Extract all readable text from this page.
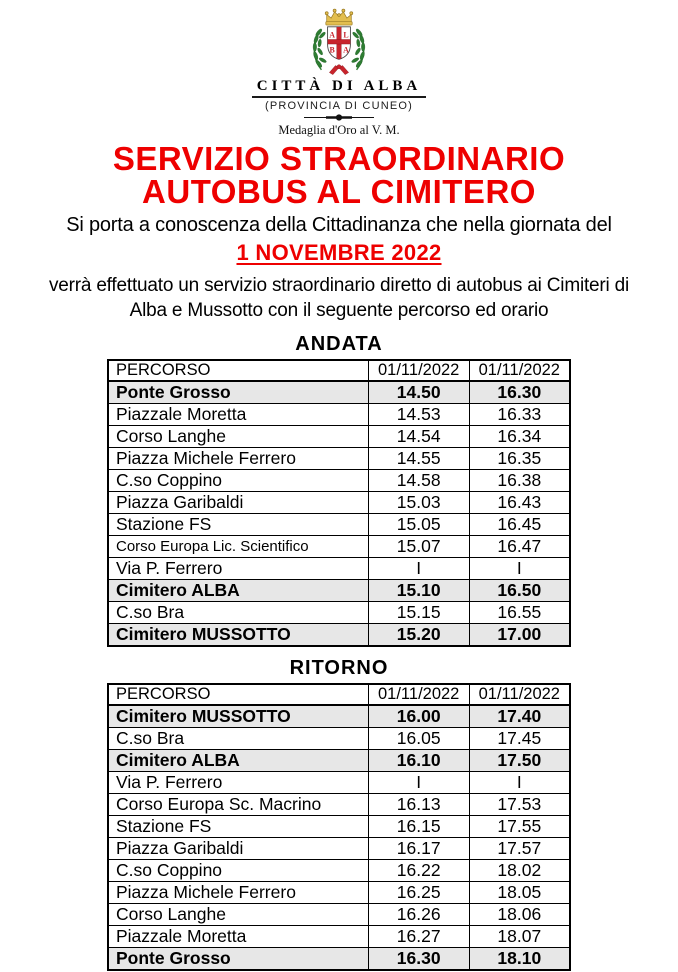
A L
B A
CITTÀ DI ALBA
(PROVINCIA DI CUNEO)
Medaglia d'Oro al V. M.
SERVIZIO STRAORDINARIO
AUTOBUS AL CIMITERO
Si porta a conoscenza della Cittadinanza che nella giornata del
1 NOVEMBRE 2022
verrà effettuato un servizio straordinario diretto di autobus ai Cimiteri di
Alba e Mussotto con il seguente percorso ed orario
ANDATA
PERCORSO	01/11/2022	01/11/2022
Ponte Grosso	14.50	16.30
Piazzale Moretta	14.53	16.33
Corso Langhe	14.54	16.34
Piazza Michele Ferrero	14.55	16.35
C.so Coppino	14.58	16.38
Piazza Garibaldi	15.03	16.43
Stazione FS	15.05	16.45
Corso Europa Lic. Scientifico	15.07	16.47
Via P. Ferrero	I	I
Cimitero ALBA	15.10	16.50
C.so Bra	15.15	16.55
Cimitero MUSSOTTO	15.20	17.00
RITORNO
PERCORSO	01/11/2022	01/11/2022
Cimitero MUSSOTTO	16.00	17.40
C.so Bra	16.05	17.45
Cimitero ALBA	16.10	17.50
Via P. Ferrero	I	I
Corso Europa Sc. Macrino	16.13	17.53
Stazione FS	16.15	17.55
Piazza Garibaldi	16.17	17.57
C.so Coppino	16.22	18.02
Piazza Michele Ferrero	16.25	18.05
Corso Langhe	16.26	18.06
Piazzale Moretta	16.27	18.07
Ponte Grosso	16.30	18.10
